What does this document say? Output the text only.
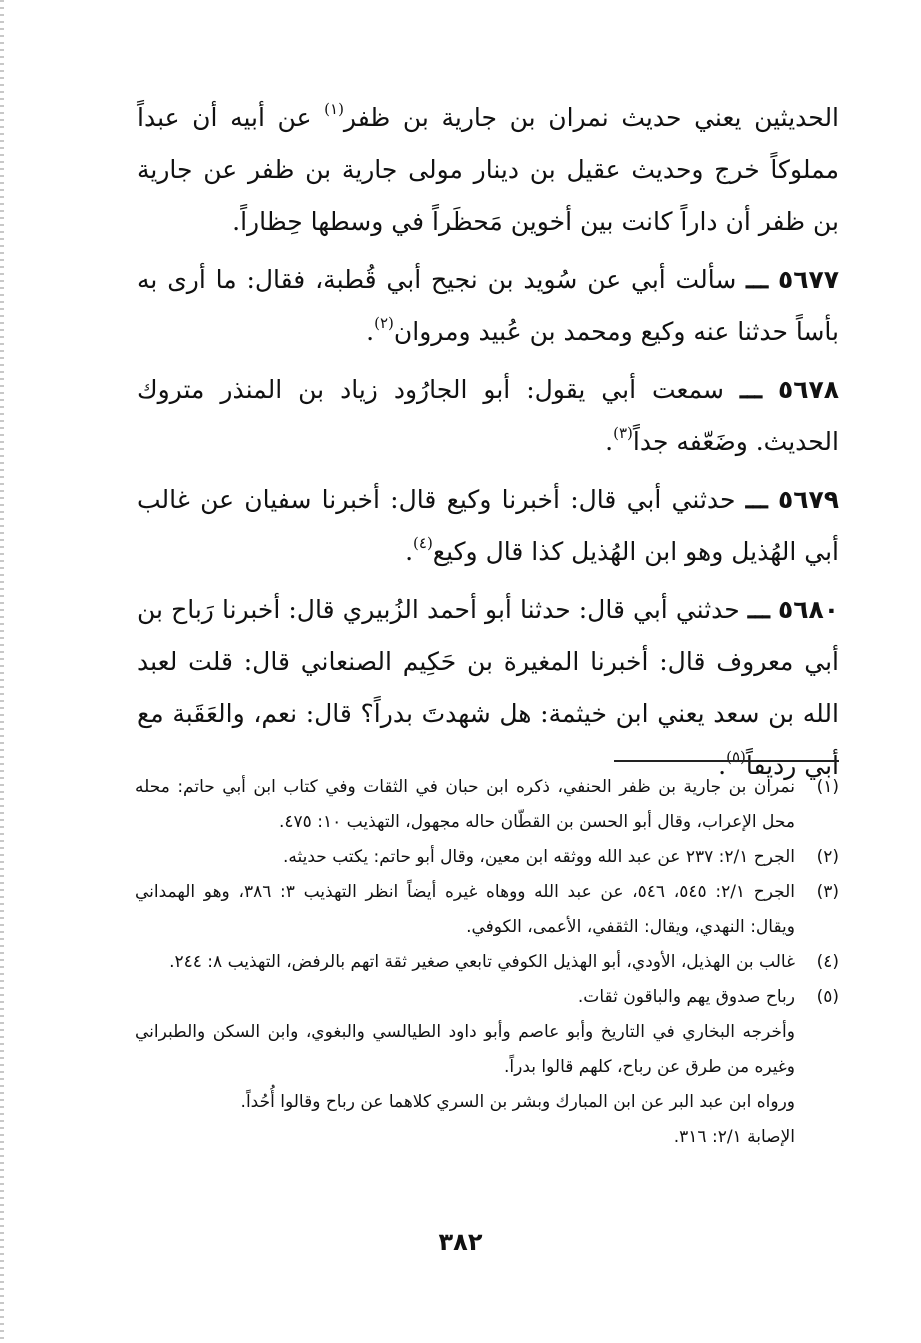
الحديثين يعني حديث نمران بن جارية بن ظفر$^{(١)}$ عن أبيه أن عبداً مملوكاً خرج وحديث عقيل بن دينار مولى جارية بن ظفر عن جارية بن ظفر أن داراً كانت بين أخوين مَحظَراً في وسطها حِظاراً.

٥٦٧٧ ـــ سألت أبي عن سُويد بن نجيح أبي قُطبة، فقال: ما أرى به بأساً حدثنا عنه وكيع ومحمد بن عُبيد ومروان$^{(٢)}$.

٥٦٧٨ ـــ سمعت أبي يقول: أبو الجارُود زياد بن المنذر متروك الحديث. وضَعّفه جداً$^{(٣)}$.

٥٦٧٩ ـــ حدثني أبي قال: أخبرنا وكيع قال: أخبرنا سفيان عن غالب أبي الهُذيل وهو ابن الهُذيل كذا قال وكيع$^{(٤)}$.

٥٦٨٠ ـــ حدثني أبي قال: حدثنا أبو أحمد الزُبيري قال: أخبرنا رَباح بن أبي معروف قال: أخبرنا المغيرة بن حَكِيم الصنعاني قال: قلت لعبد الله بن سعد يعني ابن خيثمة: هل شهدتَ بدراً؟ قال: نعم، والعَقَبة مع أبي رديفاً$^{(٥)}$.

(١)
نمران بن جارية بن ظفر الحنفي، ذكره ابن حبان في الثقات وفي كتاب ابن أبي حاتم: محله محل الإعراب، وقال أبو الحسن بن القطّان حاله مجهول، التهذيب ١٠: ٤٧٥.
(٢)
الجرح ٢/١: ٢٣٧ عن عبد الله ووثقه ابن معين، وقال أبو حاتم: يكتب حديثه.
(٣)
الجرح ٢/١: ٥٤٥، ٥٤٦، عن عبد الله ووهاه غيره أيضاً انظر التهذيب ٣: ٣٨٦، وهو الهمداني ويقال: النهدي، ويقال: الثقفي، الأعمى، الكوفي.
(٤)
غالب بن الهذيل، الأودي، أبو الهذيل الكوفي تابعي صغير ثقة اتهم بالرفض، التهذيب ٨: ٢٤٤.
(٥)
رباح صدوق يهم والباقون ثقات.
وأخرجه البخاري في التاريخ وأبو عاصم وأبو داود الطيالسي والبغوي، وابن السكن والطبراني وغيره من طرق عن رباح، كلهم قالوا بدراً.
ورواه ابن عبد البر عن ابن المبارك وبشر بن السري كلاهما عن رباح وقالوا أُحُداً.
الإصابة ٢/١: ٣١٦.
٣٨٢
